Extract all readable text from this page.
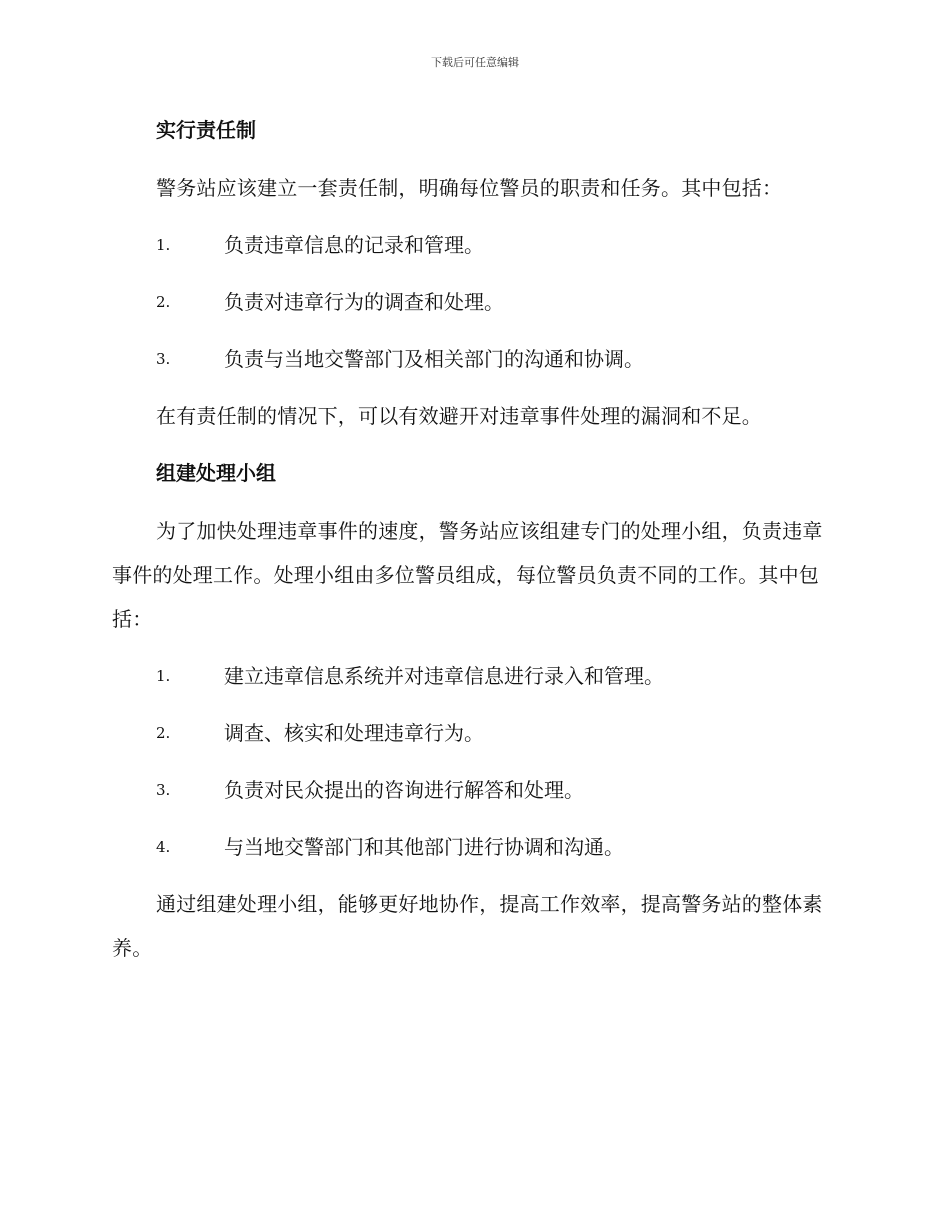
下载后可任意编辑
实行责任制
警务站应该建立一套责任制，明确每位警员的职责和任务。其中包括：
1.	负责违章信息的记录和管理。
2.	负责对违章行为的调查和处理。
3.	负责与当地交警部门及相关部门的沟通和协调。
在有责任制的情况下，可以有效避开对违章事件处理的漏洞和不足。
组建处理小组
为了加快处理违章事件的速度，警务站应该组建专门的处理小组，负责违章事件的处理工作。处理小组由多位警员组成，每位警员负责不同的工作。其中包括：
1.	建立违章信息系统并对违章信息进行录入和管理。
2.	调查、核实和处理违章行为。
3.	负责对民众提出的咨询进行解答和处理。
4.	与当地交警部门和其他部门进行协调和沟通。
通过组建处理小组，能够更好地协作，提高工作效率，提高警务站的整体素养。
